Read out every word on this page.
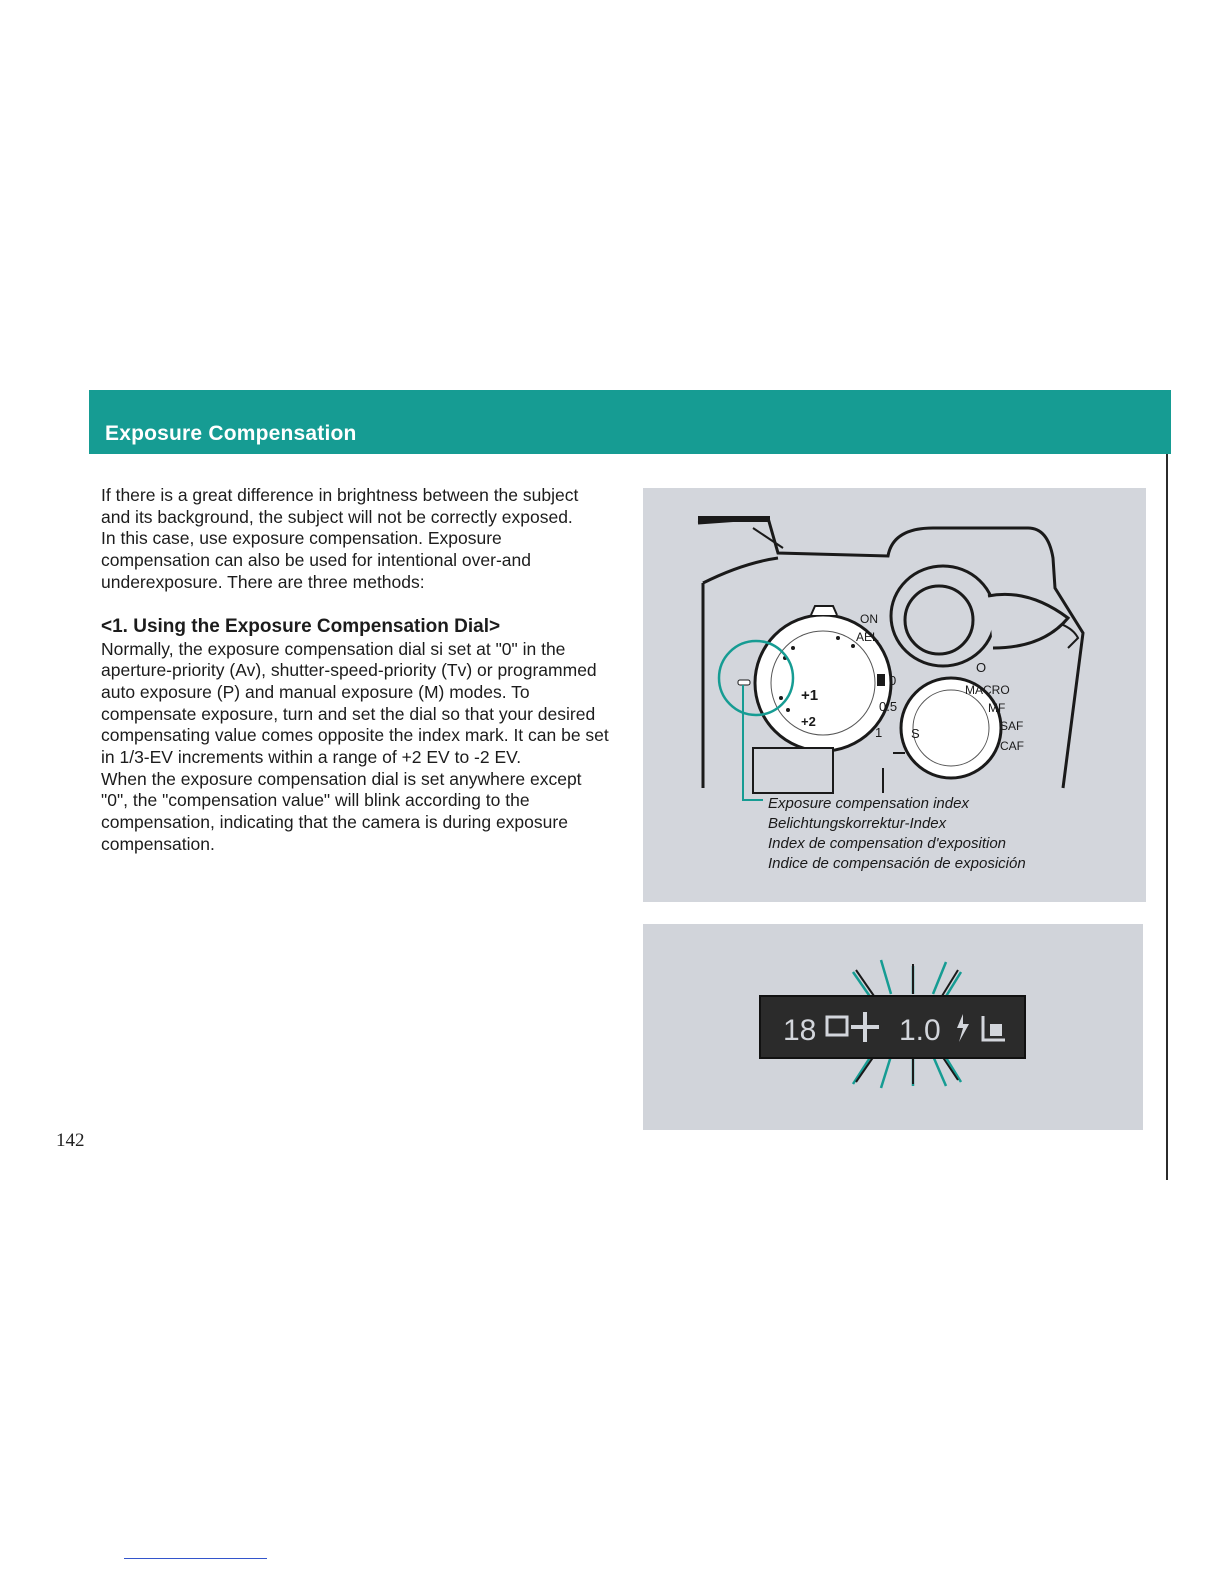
Exposure Compensation

If there is a great difference in brightness between the subject and its background, the subject will not be correctly exposed.

In this case, use exposure compensation. Exposure compensation can also be used for intentional over-and underexposure. There are three methods:

<1. Using the Exposure Compensation Dial>

Normally, the exposure compensation dial si set at "0" in the aperture-priority (Av), shutter-speed-priority (Tv) or programmed auto exposure (P) and manual exposure (M) modes. To compensate exposure, turn and set the dial so that your desired compensating value comes opposite the index mark. It can be set in 1/3-EV increments within a range of +2 EV to -2 EV.

When the exposure compensation dial is set anywhere except "0", the "compensation value" will blink according to the compensation, indicating that the camera is during exposure compensation.

+1
+2
ON
AEL
0
0.5
1
O
S
MACRO
MF
SAF
CAF
Exposure compensation index
Belichtungskorrektur-Index
Index de compensation d'exposition
Indice de compensación de exposición
18	1.0
142
